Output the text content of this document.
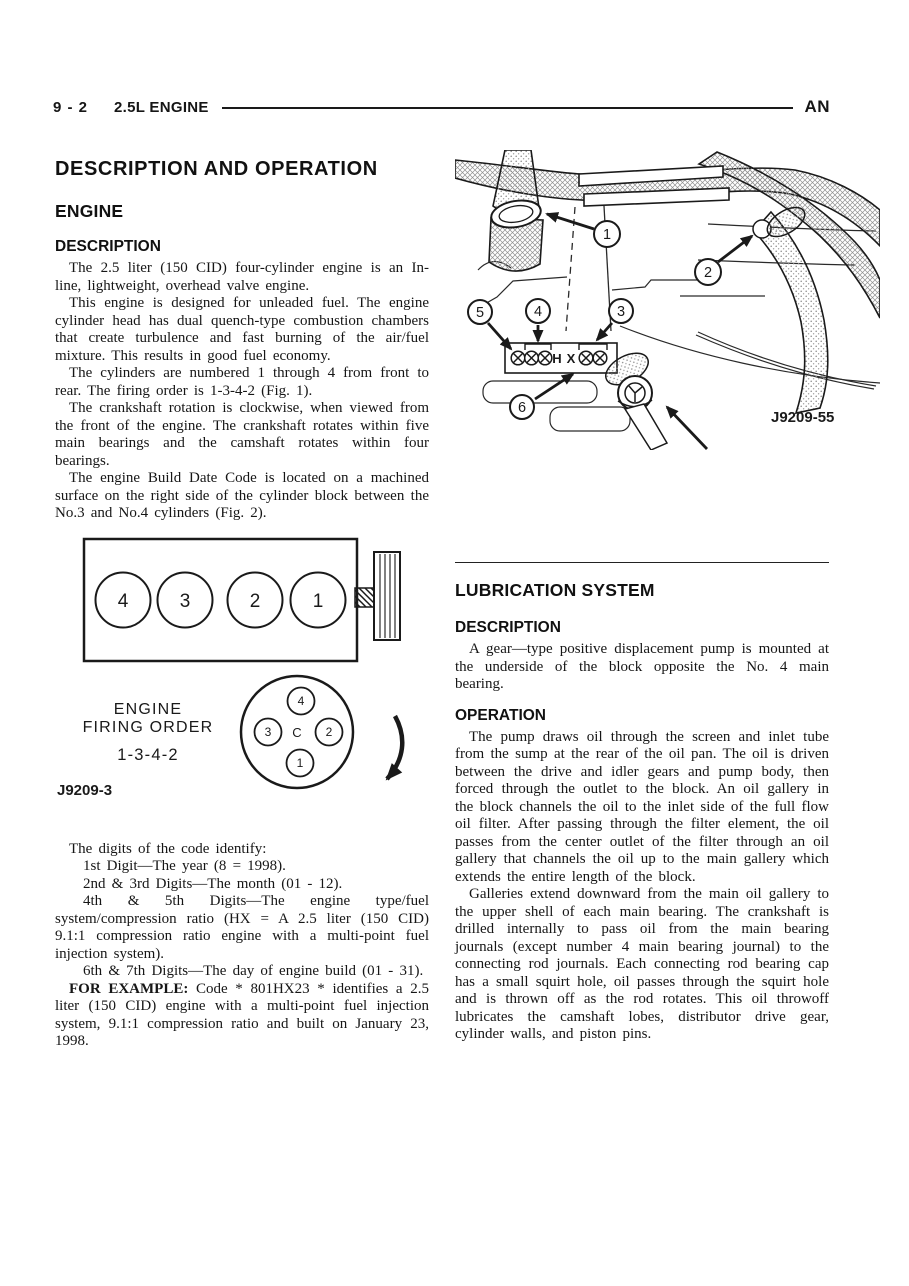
9 - 2 2.5L ENGINE	AN
DESCRIPTION AND OPERATION
ENGINE
DESCRIPTION

The 2.5 liter (150 CID) four-cylinder engine is an In-line, lightweight, overhead valve engine.

This engine is designed for unleaded fuel. The engine cylinder head has dual quench-type combustion chambers that create turbulence and fast burning of the air/fuel mixture. This results in good fuel economy.

The cylinders are numbered 1 through 4 from front to rear. The firing order is 1-3-4-2 (Fig. 1).

The crankshaft rotation is clockwise, when viewed from the front of the engine. The crankshaft rotates within five main bearings and the camshaft rotates within four bearings.

The engine Build Date Code is located on a machined surface on the right side of the cylinder block between the No.3 and No.4 cylinders (Fig. 2).

4	3	2	1
ENGINE
FIRING ORDER
1-3-4-2
4
3	2
1
C
J9209-3

The digits of the code identify:

1st Digit—The year (8 = 1998).

2nd & 3rd Digits—The month (01 - 12).

4th & 5th Digits—The engine type/fuel system/compression ratio (HX = A 2.5 liter (150 CID) 9.1:1 compression ratio engine with a multi-point fuel injection system).

6th & 7th Digits—The day of engine build (01 - 31).

FOR EXAMPLE: Code * 801HX23 * identifies a 2.5 liter (150 CID) engine with a multi-point fuel injection system, 9.1:1 compression ratio and built on January 23, 1998.

H X
1
2
3
4
5
6
J9209-55
LUBRICATION SYSTEM
DESCRIPTION

A gear—type positive displacement pump is mounted at the underside of the block opposite the No. 4 main bearing.

OPERATION

The pump draws oil through the screen and inlet tube from the sump at the rear of the oil pan. The oil is driven between the drive and idler gears and pump body, then forced through the outlet to the block. An oil gallery in the block channels the oil to the inlet side of the full flow oil filter. After passing through the filter element, the oil passes from the center outlet of the filter through an oil gallery that channels the oil up to the main gallery which extends the entire length of the block.

Galleries extend downward from the main oil gallery to the upper shell of each main bearing. The crankshaft is drilled internally to pass oil from the main bearing journals (except number 4 main bearing journal) to the connecting rod journals. Each connecting rod bearing cap has a small squirt hole, oil passes through the squirt hole and is thrown off as the rod rotates. This oil throwoff lubricates the camshaft lobes, distributor drive gear, cylinder walls, and piston pins.
